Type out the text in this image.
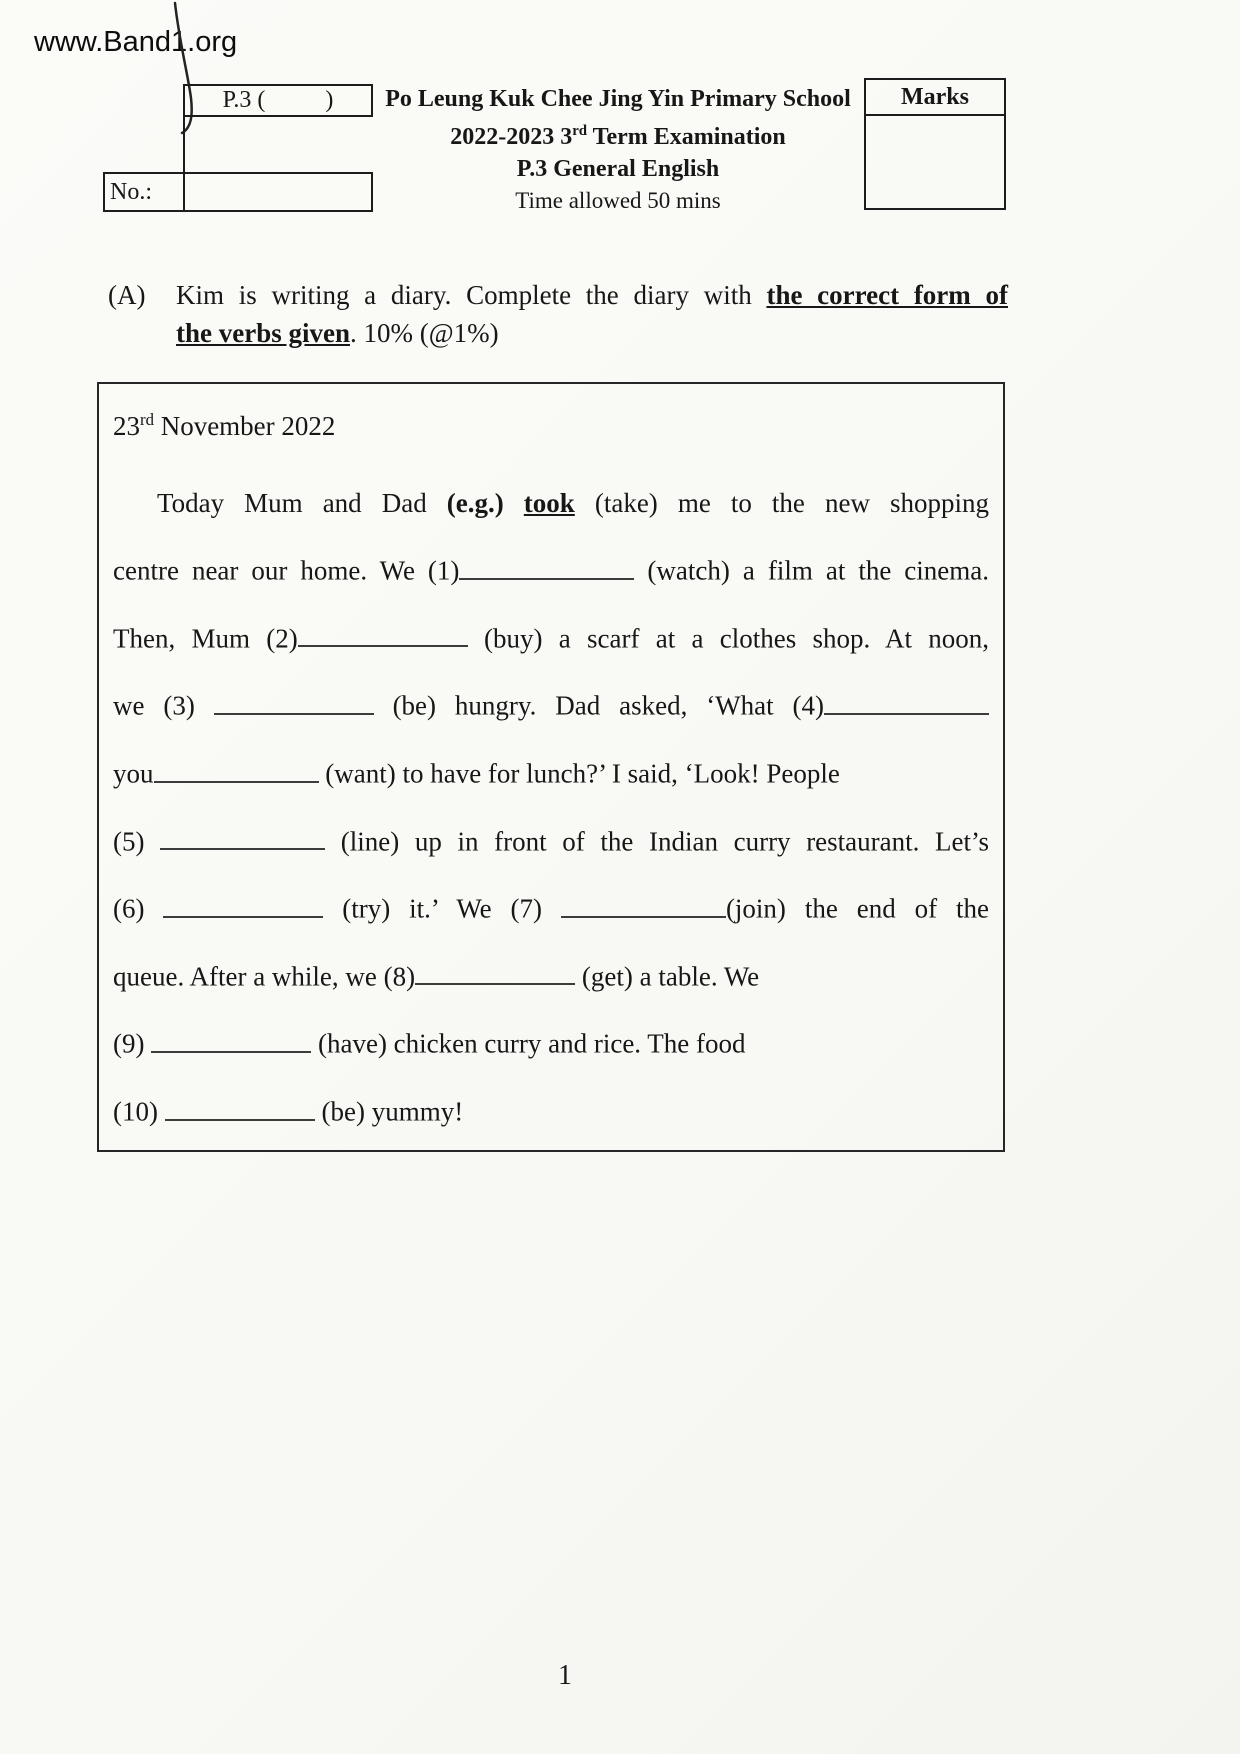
www.Band1.org
P.3 (          )
No.:
Po Leung Kuk Chee Jing Yin Primary School
2022-2023 3rd Term Examination
P.3 General English
Time allowed 50 mins
Marks
(A)	Kim is writing a diary. Complete the diary with the correct form of
the verbs given. 10% (@1%)
23rd November 2022
Today Mum and Dad (e.g.) took (take) me to the new shopping
centre near our home. We (1)	(watch) a film at the cinema.
Then, Mum (2)	(buy) a scarf at a clothes shop. At noon,
we (3)	(be) hungry. Dad asked, ‘What (4)
you	(want) to have for lunch?’ I said, ‘Look! People
(5)	(line) up in front of the Indian curry restaurant. Let’s
(6)	(try) it.’ We (7)	(join) the end of the
queue. After a while, we (8)	(get) a table. We
(9)	(have) chicken curry and rice. The food
(10)	(be) yummy!
1
